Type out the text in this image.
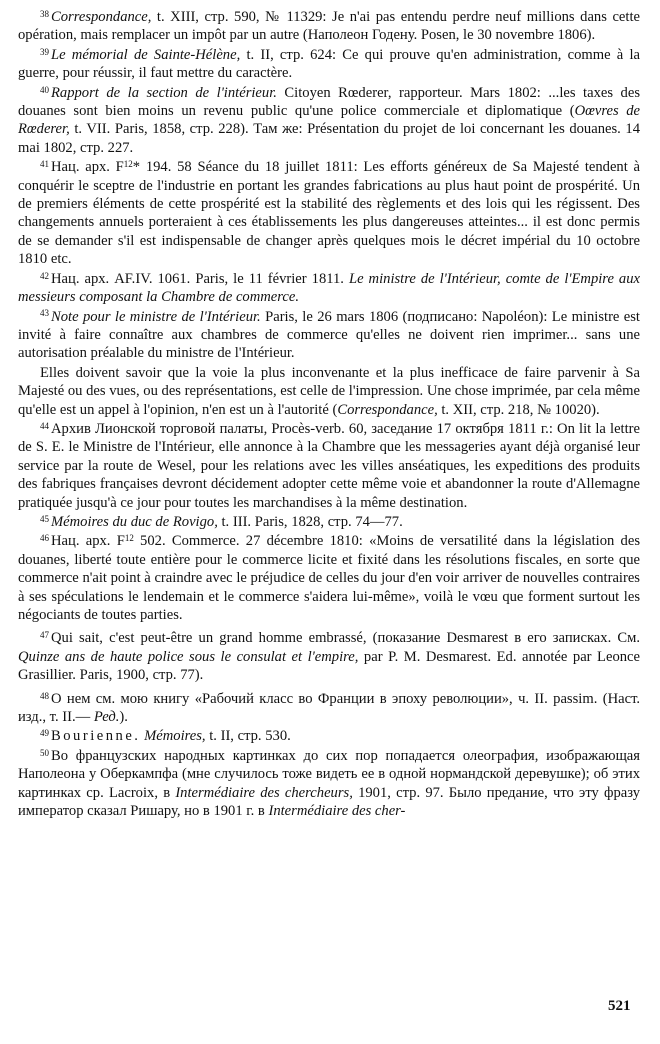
$^{38}$ Correspondance, t. XIII, стр. 590, № 11329: Je n'ai pas entendu perdre neuf millions dans cette opération, mais remplacer un impôt par un autre (Наполеон Годену. Posen, le 30 novembre 1806).

$^{39}$ Le mémorial de Sainte-Hélène, t. II, стр. 624: Ce qui prouve qu'en administration, comme à la guerre, pour réussir, il faut mettre du caractère.

$^{40}$ Rapport de la section de l'intérieur. Citoyen Rœderer, rapporteur. Mars 1802: ...les taxes des douanes sont bien moins un revenu public qu'une police commerciale et diplomatique (Oœvres de Rœderer, t. VII. Paris, 1858, стр. 228). Там же: Présentation du projet de loi concernant les douanes. 14 mai 1802, стр. 227.

$^{41}$ Нац. арх. $F^{12}*$ 194. 58 Séance du 18 juillet 1811: Les efforts généreux de Sa Majesté tendent à conquérir le sceptre de l'industrie en portant les grandes fabrications au plus haut point de prospérité. Un de premiers éléments de cette prospérité est la stabilité des règlements et des lois qui les régissent. Des changements annuels porteraient à ces établissements les plus dangereuses atteintes... il est donc permis de se demander s'il est indispensable de changer après quelques mois le décret impérial du 10 octobre 1810 etc.

$^{42}$ Нац. арх. AF.IV. 1061. Paris, le 11 février 1811. Le ministre de l'Intérieur, comte de l'Empire aux messieurs composant la Chambre de commerce.

$^{43}$ Note pour le ministre de l'Intérieur. Paris, le 26 mars 1806 (подписано: Napoléon): Le ministre est invité à faire connaître aux chambres de commerce qu'elles ne doivent rien imprimer... sans une autorisation préalable du ministre de l'Intérieur.

Elles doivent savoir que la voie la plus inconvenante et la plus inefficace de faire parvenir à Sa Majesté ou des vues, ou des représentations, est celle de l'impression. Une chose imprimée, par cela même qu'elle est un appel à l'opinion, n'en est un à l'autorité (Correspondance, t. XII, стр. 218, № 10020).

$^{44}$ Архив Лионской торговой палаты, Procès-verb. 60, заседание 17 октября 1811 г.: On lit la lettre de S. E. le Ministre de l'Intérieur, elle annonce à la Chambre que les messageries ayant déjà organisé leur service par la route de Wesel, pour les relations avec les villes anséatiques, les expeditions des produits des fabriques françaises devront décidement adopter cette même voie et abandonner la route d'Allemagne pratiquée jusqu'à ce jour pour toutes les marchandises à la même destination.

$^{45}$ Mémoires du duc de Rovigo, t. III. Paris, 1828, стр. 74—77.

$^{46}$ Нац. арх. $F^{12}$ 502. Commerce. 27 décembre 1810: «Moins de versatilité dans la législation des douanes, liberté toute entière pour le commerce licite et fixité dans les résolutions fiscales, en sorte que commerce n'ait point à craindre avec le préjudice de celles du jour d'en voir arriver de nouvelles contraires à ses spéculations le lendemain et le commerce s'aidera lui-même», voilà le vœu que forment surtout les négociants de toutes parties.

$^{47}$ Qui sait, c'est peut-être un grand homme embrassé, (показание Desmarest в его записках. См. Quinze ans de haute police sous le consulat et l'empire, par P. M. Desmarest. Ed. annotée par Leonce Grasillier. Paris, 1900, стр. 77).

$^{48}$ О нем см. мою книгу «Рабочий класс во Франции в эпоху революции», ч. II. passim. (Наст. изд., т. II.— Ред.).

$^{49}$ Bourienne. Mémoires, t. II, стр. 530.

$^{50}$ Во французских народных картинках до сих пор попадается олеография, изображающая Наполеона у Оберкампфа (мне случилось тоже видеть ее в одной нормандской деревушке); об этих картинках ср. Lacroix, в Intermédiaire des chercheurs, 1901, стр. 97. Было предание, что эту фразу император сказал Ришару, но в 1901 г. в Intermédiaire des cher-

521
